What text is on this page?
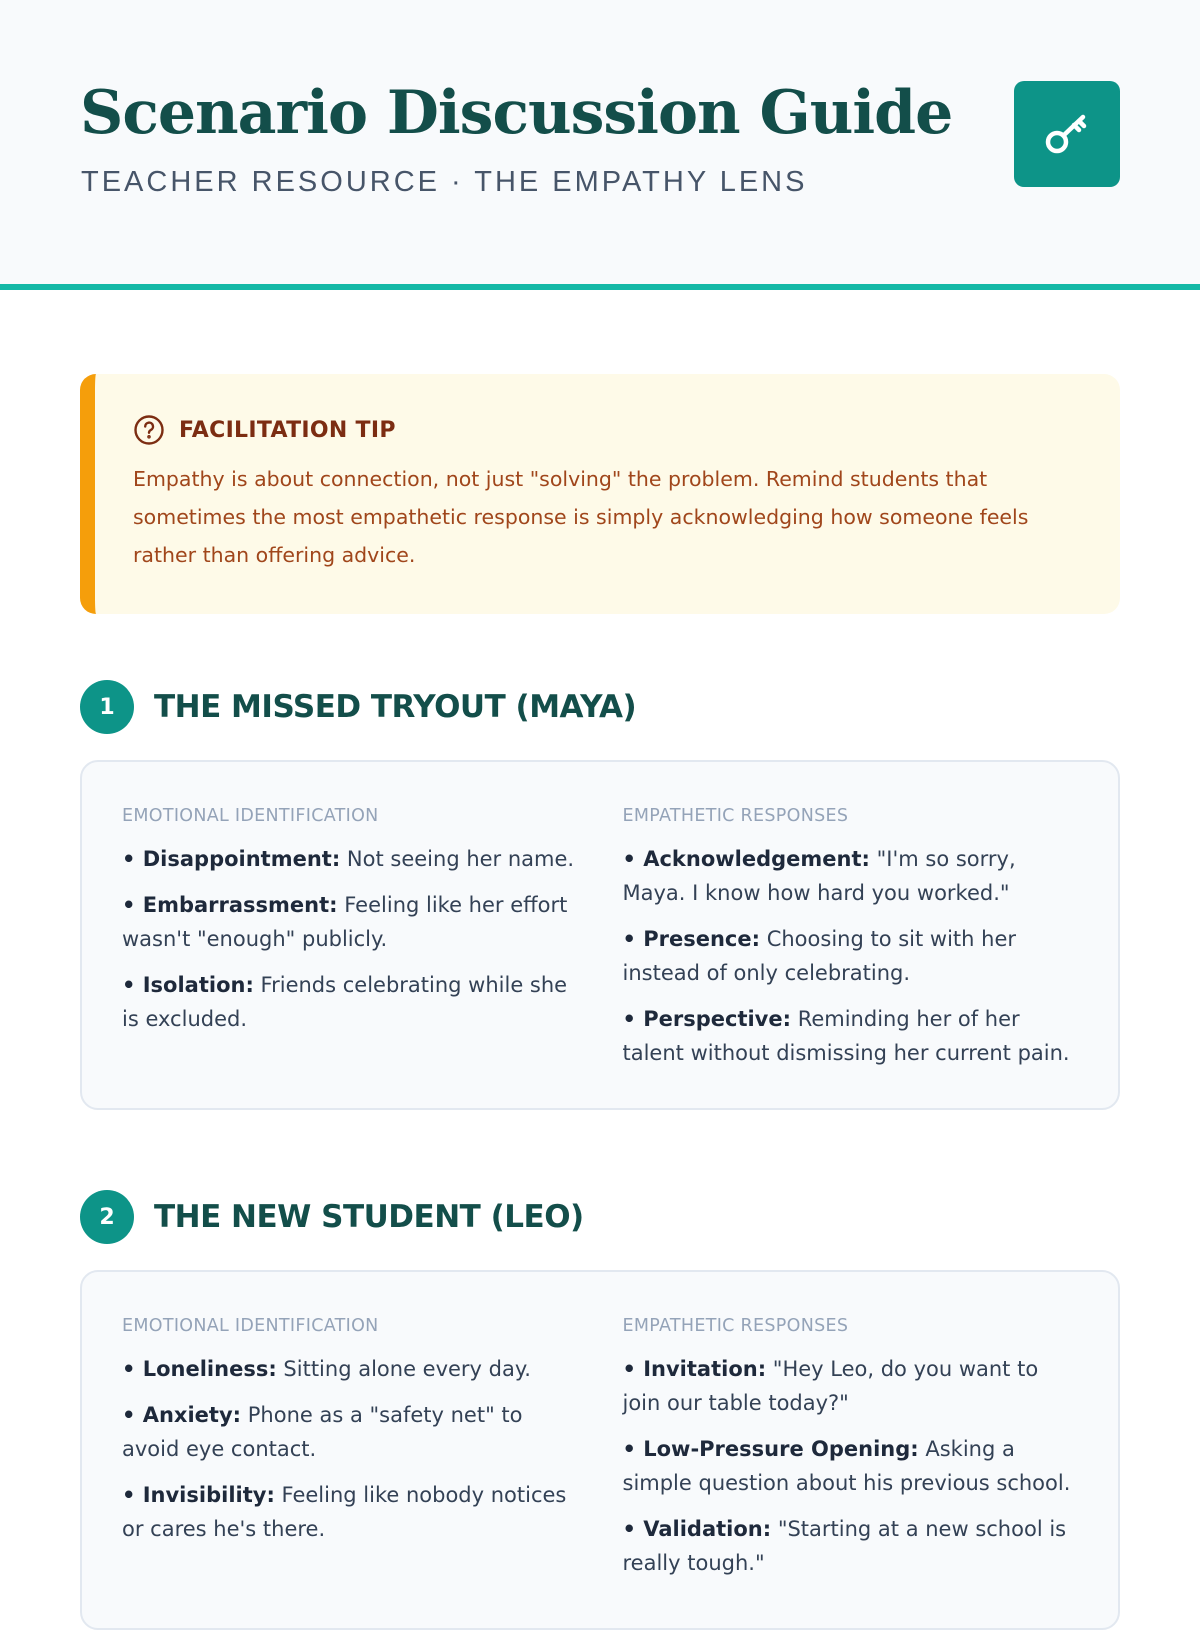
Scenario Discussion Guide
TEACHER RESOURCE · THE EMPATHY LENS
FACILITATION TIP
Empathy is about connection, not just "solving" the problem. Remind students that sometimes the most empathetic response is simply acknowledging how someone feels rather than offering advice.
1	THE MISSED TRYOUT (MAYA)
EMOTIONAL IDENTIFICATION
• Disappointment: Not seeing her name.
• Embarrassment: Feeling like her effort wasn't "enough" publicly.
• Isolation: Friends celebrating while she is excluded.
EMPATHETIC RESPONSES
• Acknowledgement: "I'm so sorry, Maya. I know how hard you worked."
• Presence: Choosing to sit with her instead of only celebrating.
• Perspective: Reminding her of her talent without dismissing her current pain.
2	THE NEW STUDENT (LEO)
EMOTIONAL IDENTIFICATION
• Loneliness: Sitting alone every day.
• Anxiety: Phone as a "safety net" to avoid eye contact.
• Invisibility: Feeling like nobody notices or cares he's there.
EMPATHETIC RESPONSES
• Invitation: "Hey Leo, do you want to join our table today?"
• Low-Pressure Opening: Asking a simple question about his previous school.
• Validation: "Starting at a new school is really tough."
